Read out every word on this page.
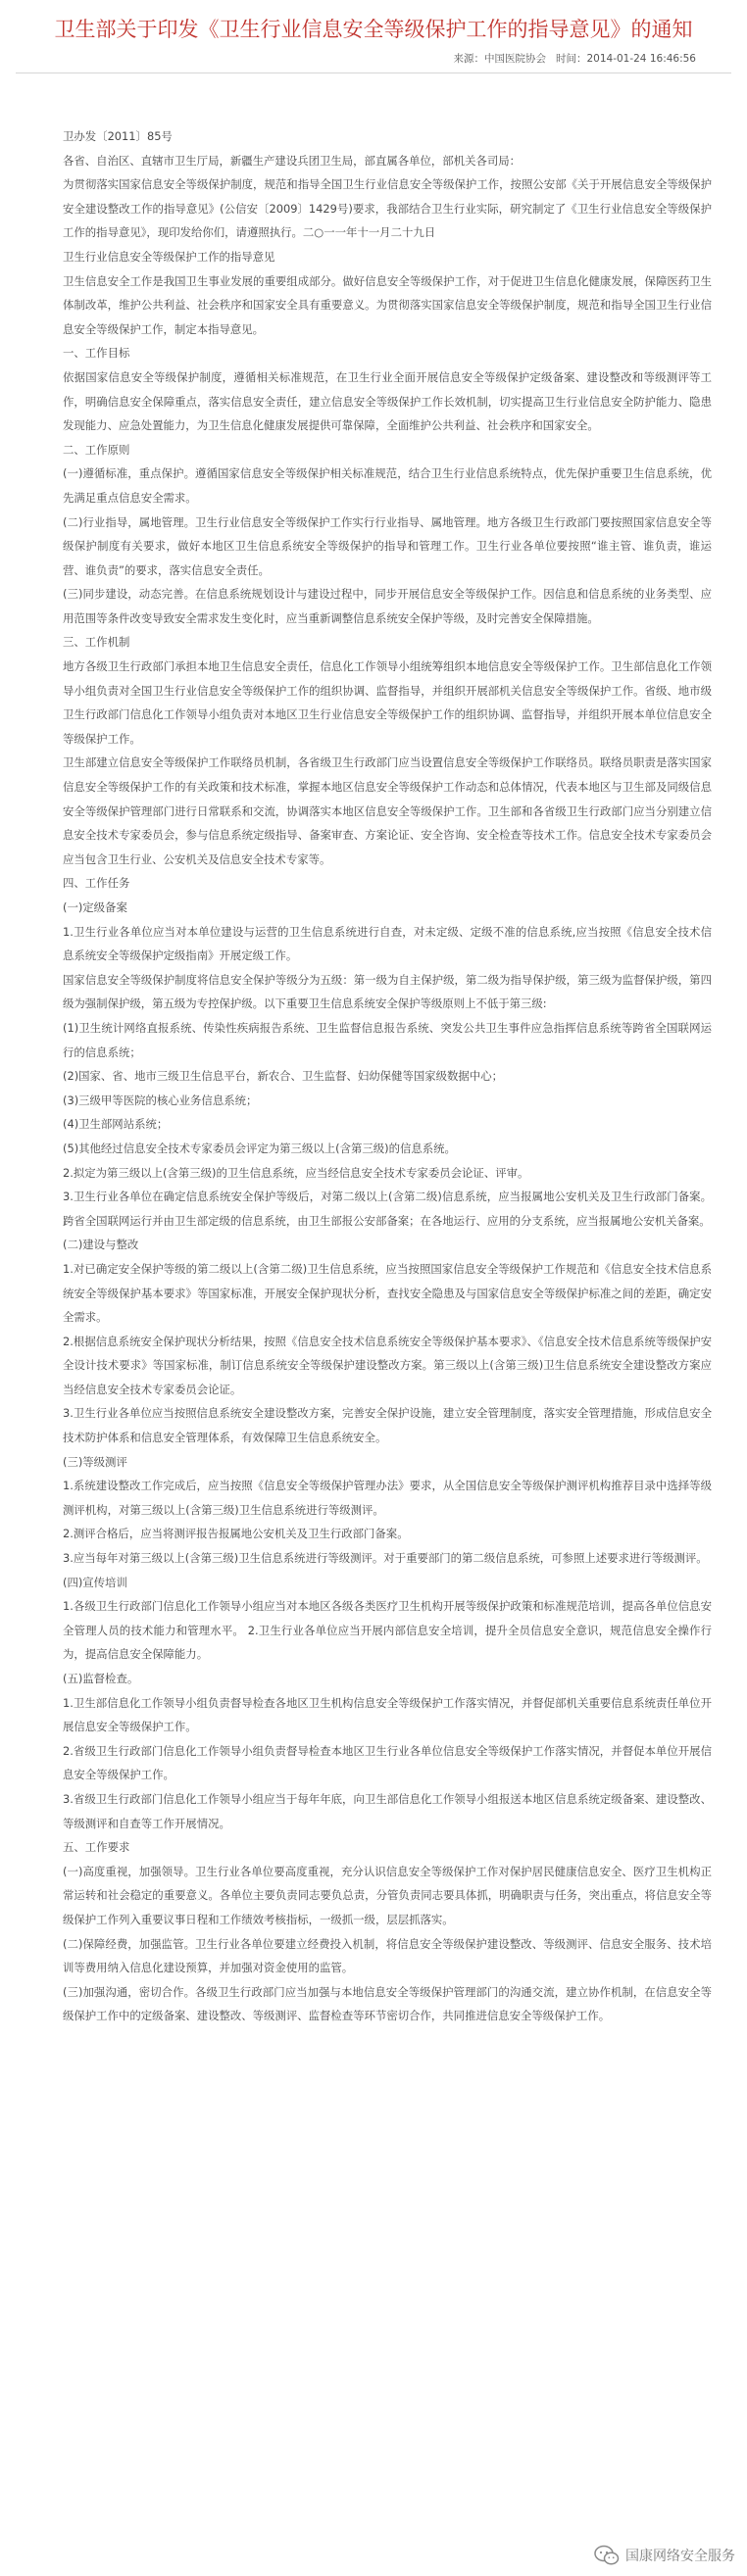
卫生部关于印发《卫生行业信息安全等级保护工作的指导意见》的通知
来源：中国医院协会 时间：2014-01-24 16:46:56

卫办发〔2011〕85号

各省、自治区、直辖市卫生厅局，新疆生产建设兵团卫生局，部直属各单位，部机关各司局：

为贯彻落实国家信息安全等级保护制度，规范和指导全国卫生行业信息安全等级保护工作，按照公安部《关于开展信息安全等级保护安全建设整改工作的指导意见》(公信安〔2009〕1429号)要求，我部结合卫生行业实际，研究制定了《卫生行业信息安全等级保护工作的指导意见》，现印发给你们，请遵照执行。二○一一年十一月二十九日

卫生行业信息安全等级保护工作的指导意见

卫生信息安全工作是我国卫生事业发展的重要组成部分。做好信息安全等级保护工作，对于促进卫生信息化健康发展，保障医药卫生体制改革，维护公共利益、社会秩序和国家安全具有重要意义。为贯彻落实国家信息安全等级保护制度，规范和指导全国卫生行业信息安全等级保护工作，制定本指导意见。

一、工作目标

依据国家信息安全等级保护制度，遵循相关标准规范，在卫生行业全面开展信息安全等级保护定级备案、建设整改和等级测评等工作，明确信息安全保障重点，落实信息安全责任，建立信息安全等级保护工作长效机制，切实提高卫生行业信息安全防护能力、隐患发现能力、应急处置能力，为卫生信息化健康发展提供可靠保障，全面维护公共利益、社会秩序和国家安全。

二、工作原则

(一)遵循标准，重点保护。遵循国家信息安全等级保护相关标准规范，结合卫生行业信息系统特点，优先保护重要卫生信息系统，优先满足重点信息安全需求。

(二)行业指导，属地管理。卫生行业信息安全等级保护工作实行行业指导、属地管理。地方各级卫生行政部门要按照国家信息安全等级保护制度有关要求，做好本地区卫生信息系统安全等级保护的指导和管理工作。卫生行业各单位要按照“谁主管、谁负责，谁运营、谁负责”的要求，落实信息安全责任。

(三)同步建设，动态完善。在信息系统规划设计与建设过程中，同步开展信息安全等级保护工作。因信息和信息系统的业务类型、应用范围等条件改变导致安全需求发生变化时，应当重新调整信息系统安全保护等级，及时完善安全保障措施。

三、工作机制

地方各级卫生行政部门承担本地卫生信息安全责任，信息化工作领导小组统筹组织本地信息安全等级保护工作。卫生部信息化工作领导小组负责对全国卫生行业信息安全等级保护工作的组织协调、监督指导，并组织开展部机关信息安全等级保护工作。省级、地市级卫生行政部门信息化工作领导小组负责对本地区卫生行业信息安全等级保护工作的组织协调、监督指导，并组织开展本单位信息安全等级保护工作。

卫生部建立信息安全等级保护工作联络员机制，各省级卫生行政部门应当设置信息安全等级保护工作联络员。联络员职责是落实国家信息安全等级保护工作的有关政策和技术标准，掌握本地区信息安全等级保护工作动态和总体情况，代表本地区与卫生部及同级信息安全等级保护管理部门进行日常联系和交流，协调落实本地区信息安全等级保护工作。卫生部和各省级卫生行政部门应当分别建立信息安全技术专家委员会，参与信息系统定级指导、备案审查、方案论证、安全咨询、安全检查等技术工作。信息安全技术专家委员会应当包含卫生行业、公安机关及信息安全技术专家等。

四、工作任务

(一)定级备案

1.卫生行业各单位应当对本单位建设与运营的卫生信息系统进行自查，对未定级、定级不准的信息系统,应当按照《信息安全技术信息系统安全等级保护定级指南》开展定级工作。

国家信息安全等级保护制度将信息安全保护等级分为五级：第一级为自主保护级，第二级为指导保护级，第三级为监督保护级，第四级为强制保护级，第五级为专控保护级。以下重要卫生信息系统安全保护等级原则上不低于第三级:

(1)卫生统计网络直报系统、传染性疾病报告系统、卫生监督信息报告系统、突发公共卫生事件应急指挥信息系统等跨省全国联网运行的信息系统；

(2)国家、省、地市三级卫生信息平台，新农合、卫生监督、妇幼保健等国家级数据中心；

(3)三级甲等医院的核心业务信息系统；

(4)卫生部网站系统；

(5)其他经过信息安全技术专家委员会评定为第三级以上(含第三级)的信息系统。

2.拟定为第三级以上(含第三级)的卫生信息系统，应当经信息安全技术专家委员会论证、评审。

3.卫生行业各单位在确定信息系统安全保护等级后，对第二级以上(含第二级)信息系统，应当报属地公安机关及卫生行政部门备案。跨省全国联网运行并由卫生部定级的信息系统，由卫生部报公安部备案；在各地运行、应用的分支系统，应当报属地公安机关备案。

(二)建设与整改

1.对已确定安全保护等级的第二级以上(含第二级)卫生信息系统，应当按照国家信息安全等级保护工作规范和《信息安全技术信息系统安全等级保护基本要求》等国家标准，开展安全保护现状分析，查找安全隐患及与国家信息安全等级保护标准之间的差距，确定安全需求。

2.根据信息系统安全保护现状分析结果，按照《信息安全技术信息系统安全等级保护基本要求》、《信息安全技术信息系统等级保护安全设计技术要求》等国家标准，制订信息系统安全等级保护建设整改方案。第三级以上(含第三级)卫生信息系统安全建设整改方案应当经信息安全技术专家委员会论证。

3.卫生行业各单位应当按照信息系统安全建设整改方案，完善安全保护设施，建立安全管理制度，落实安全管理措施，形成信息安全技术防护体系和信息安全管理体系，有效保障卫生信息系统安全。

(三)等级测评

1.系统建设整改工作完成后，应当按照《信息安全等级保护管理办法》要求，从全国信息安全等级保护测评机构推荐目录中选择等级测评机构，对第三级以上(含第三级)卫生信息系统进行等级测评。

2.测评合格后，应当将测评报告报属地公安机关及卫生行政部门备案。

3.应当每年对第三级以上(含第三级)卫生信息系统进行等级测评。对于重要部门的第二级信息系统，可参照上述要求进行等级测评。

(四)宣传培训

1.各级卫生行政部门信息化工作领导小组应当对本地区各级各类医疗卫生机构开展等级保护政策和标准规范培训，提高各单位信息安全管理人员的技术能力和管理水平。 2.卫生行业各单位应当开展内部信息安全培训，提升全员信息安全意识，规范信息安全操作行为，提高信息安全保障能力。

(五)监督检查。

1.卫生部信息化工作领导小组负责督导检查各地区卫生机构信息安全等级保护工作落实情况，并督促部机关重要信息系统责任单位开展信息安全等级保护工作。

2.省级卫生行政部门信息化工作领导小组负责督导检查本地区卫生行业各单位信息安全等级保护工作落实情况，并督促本单位开展信息安全等级保护工作。

3.省级卫生行政部门信息化工作领导小组应当于每年年底，向卫生部信息化工作领导小组报送本地区信息系统定级备案、建设整改、等级测评和自查等工作开展情况。

五、工作要求

(一)高度重视，加强领导。卫生行业各单位要高度重视，充分认识信息安全等级保护工作对保护居民健康信息安全、医疗卫生机构正常运转和社会稳定的重要意义。各单位主要负责同志要负总责，分管负责同志要具体抓，明确职责与任务，突出重点，将信息安全等级保护工作列入重要议事日程和工作绩效考核指标，一级抓一级，层层抓落实。

(二)保障经费，加强监管。卫生行业各单位要建立经费投入机制，将信息安全等级保护建设整改、等级测评、信息安全服务、技术培训等费用纳入信息化建设预算，并加强对资金使用的监管。

(三)加强沟通，密切合作。各级卫生行政部门应当加强与本地信息安全等级保护管理部门的沟通交流，建立协作机制，在信息安全等级保护工作中的定级备案、建设整改、等级测评、监督检查等环节密切合作，共同推进信息安全等级保护工作。

国康网络安全服务
